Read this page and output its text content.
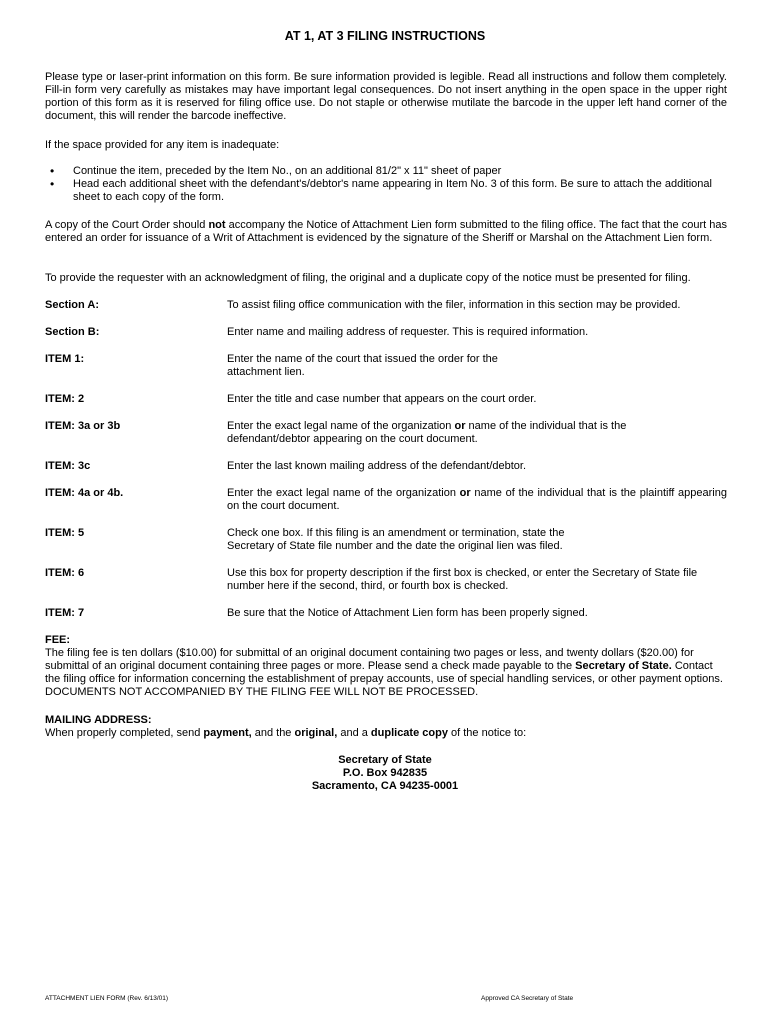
AT 1, AT 3 FILING INSTRUCTIONS

Please type or laser-print information on this form. Be sure information provided is legible. Read all instructions and follow them completely. Fill-in form very carefully as mistakes may have important legal consequences. Do not insert anything in the open space in the upper right portion of this form as it is reserved for filing office use. Do not staple or otherwise mutilate the barcode in the upper left hand corner of the document, this will render the barcode ineffective.

If the space provided for any item is inadequate:

• Continue the item, preceded by the Item No., on an additional 81/2" x 11" sheet of paper
• Head each additional sheet with the defendant's/debtor's name appearing in Item No. 3 of this form. Be sure to attach the additional sheet to each copy of the form.

A copy of the Court Order should not accompany the Notice of Attachment Lien form submitted to the filing office. The fact that the court has entered an order for issuance of a Writ of Attachment is evidenced by the signature of the Sheriff or Marshal on the Attachment Lien form.

To provide the requester with an acknowledgment of filing, the original and a duplicate copy of the notice must be presented for filing.

Section A:	To assist filing office communication with the filer, information in this section may be provided.
Section B:	Enter name and mailing address of requester. This is required information.
ITEM 1:	Enter the name of the court that issued the order for the attachment lien.
ITEM: 2	Enter the title and case number that appears on the court order.
ITEM: 3a or 3b	Enter the exact legal name of the organization or name of the individual that is the defendant/debtor appearing on the court document.
ITEM: 3c	Enter the last known mailing address of the defendant/debtor.
ITEM: 4a or 4b.	Enter the exact legal name of the organization or name of the individual that is the plaintiff appearing on the court document.
ITEM: 5	Check one box. If this filing is an amendment or termination, state the Secretary of State file number and the date the original lien was filed.
ITEM: 6	Use this box for property description if the first box is checked, or enter the Secretary of State file number here if the second, third, or fourth box is checked.
ITEM: 7	Be sure that the Notice of Attachment Lien form has been properly signed.
FEE:

The filing fee is ten dollars ($10.00) for submittal of an original document containing two pages or less, and twenty dollars ($20.00) for submittal of an original document containing three pages or more. Please send a check made payable to the Secretary of State. Contact the filing office for information concerning the establishment of prepay accounts, use of special handling services, or other payment options. DOCUMENTS NOT ACCOMPANIED BY THE FILING FEE WILL NOT BE PROCESSED.

MAILING ADDRESS:

When properly completed, send payment, and the original, and a duplicate copy of the notice to:

Secretary of State
P.O. Box 942835
Sacramento, CA 94235-0001
ATTACHMENT LIEN FORM (Rev. 6/13/01)	Approved CA Secretary of State
